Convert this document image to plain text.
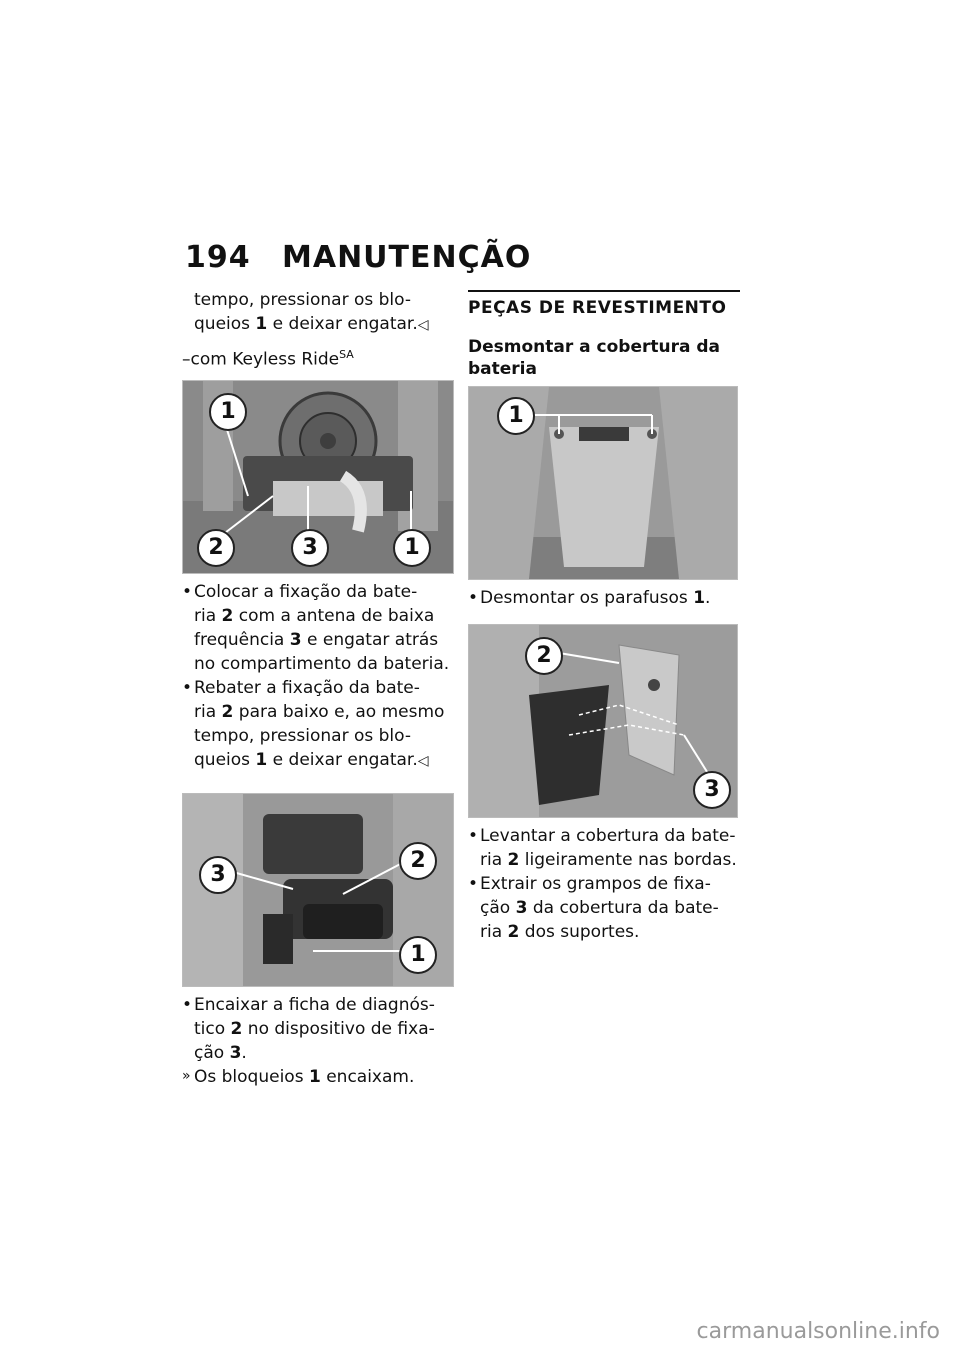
194	MANUTENÇÃO
tempo, pressionar os blo-
queios 1 e deixar engatar.◁
–com Keyless Ride$^{SA}$
1
2	3	1
• Colocar a fixação da bate-
ria 2 com a antena de baixa
frequência 3 e engatar atrás
no compartimento da bateria.
• Rebater a fixação da bate-
ria 2 para baixo e, ao mesmo
tempo, pressionar os blo-
queios 1 e deixar engatar.◁
3
2
1
• Encaixar a ficha de diagnós-
tico 2 no dispositivo de fixa-
ção 3.
» Os bloqueios 1 encaixam.
PEÇAS DE REVESTIMENTO
Desmontar a cobertura da
bateria
1
• Desmontar os parafusos 1.
2
3
• Levantar a cobertura da bate-
ria 2 ligeiramente nas bordas.
• Extrair os grampos de fixa-
ção 3 da cobertura da bate-
ria 2 dos suportes.
carmanualsonline.info
